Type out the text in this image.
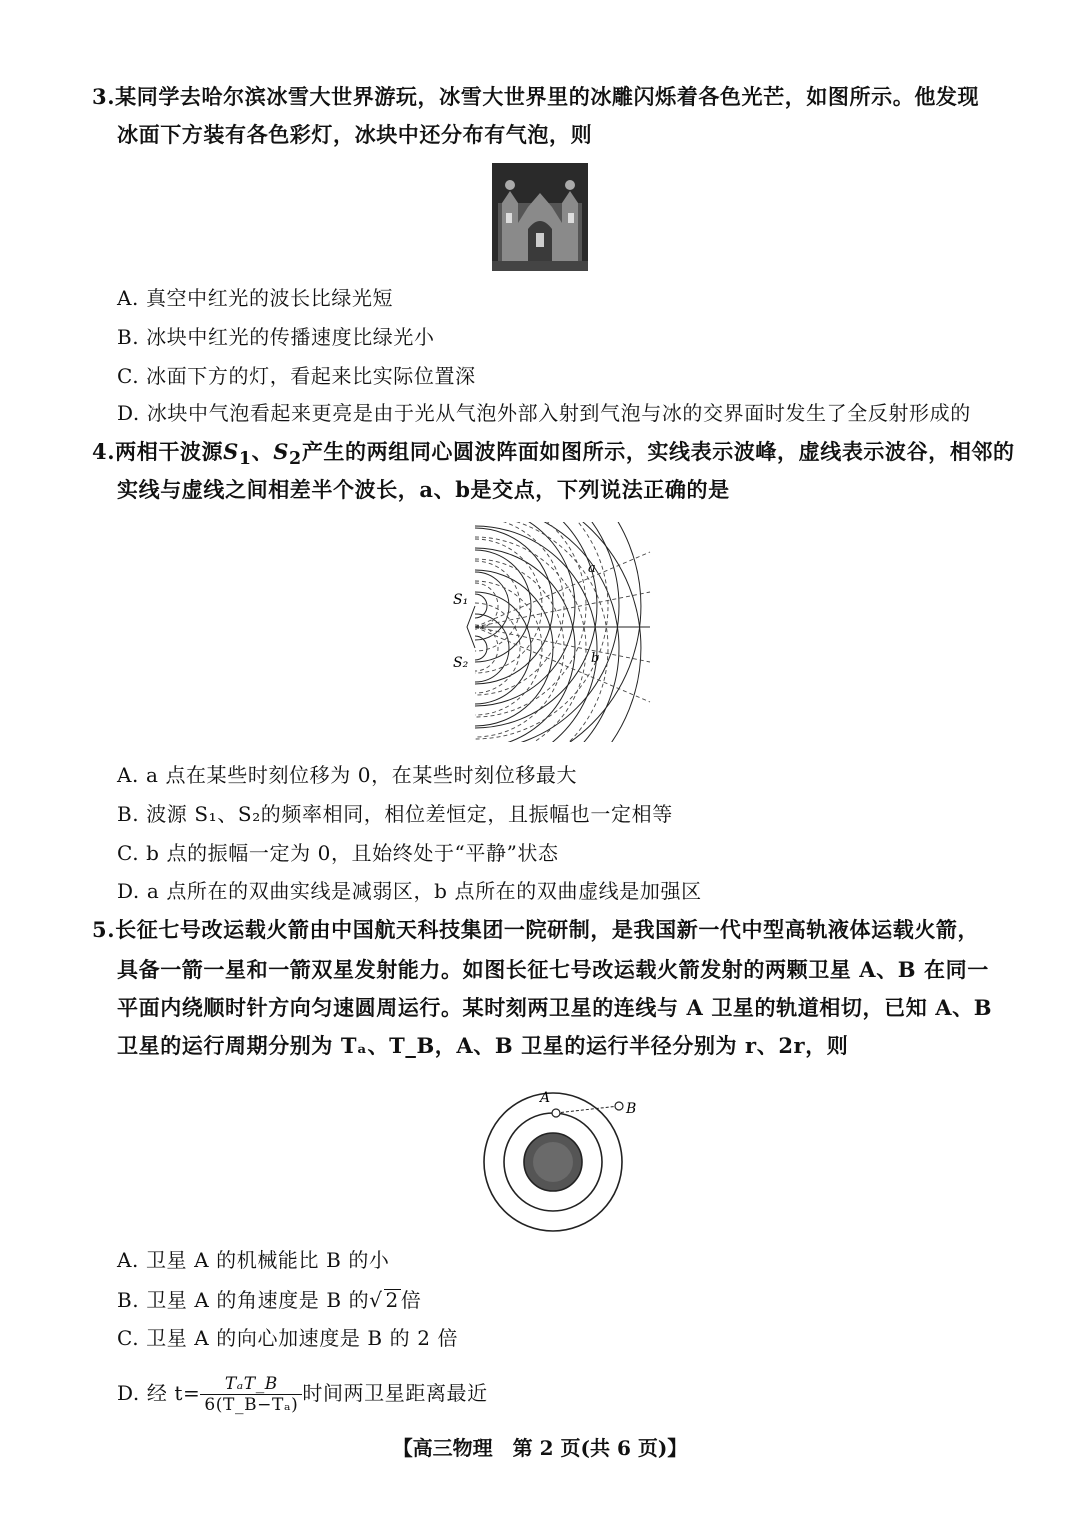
3.某同学去哈尔滨冰雪大世界游玩，冰雪大世界里的冰雕闪烁着各色光芒，如图所示。他发现
冰面下方装有各色彩灯，冰块中还分布有气泡，则
A. 真空中红光的波长比绿光短
B. 冰块中红光的传播速度比绿光小
C. 冰面下方的灯，看起来比实际位置深
D. 冰块中气泡看起来更亮是由于光从气泡外部入射到气泡与冰的交界面时发生了全反射形成的
4.两相干波源$S_1$、$S_2$产生的两组同心圆波阵面如图所示，实线表示波峰，虚线表示波谷，相邻的
实线与虚线之间相差半个波长，a、b是交点，下列说法正确的是
S₁
S₂
a
b
A. a 点在某些时刻位移为 0，在某些时刻位移最大
B. 波源 S₁、S₂的频率相同，相位差恒定，且振幅也一定相等
C. b 点的振幅一定为 0，且始终处于“平静”状态
D. a 点所在的双曲实线是减弱区，b 点所在的双曲虚线是加强区
5.长征七号改运载火箭由中国航天科技集团一院研制，是我国新一代中型高轨液体运载火箭，
具备一箭一星和一箭双星发射能力。如图长征七号改运载火箭发射的两颗卫星 A、B 在同一
平面内绕顺时针方向匀速圆周运行。某时刻两卫星的连线与 A 卫星的轨道相切，已知 A、B
卫星的运行周期分别为 Tₐ、T_B，A、B 卫星的运行半径分别为 r、2r，则
A
B
A. 卫星 A 的机械能比 B 的小
B. 卫星 A 的角速度是 B 的√ 2 倍
C. 卫星 A 的向心加速度是 B 的 2 倍
D. 经 $t= \frac{\text{TₐT\_B}}{\text{6(T\_B−Tₐ)}}$ 时间两卫星距离最近
【高三物理　第 2 页(共 6 页)】
